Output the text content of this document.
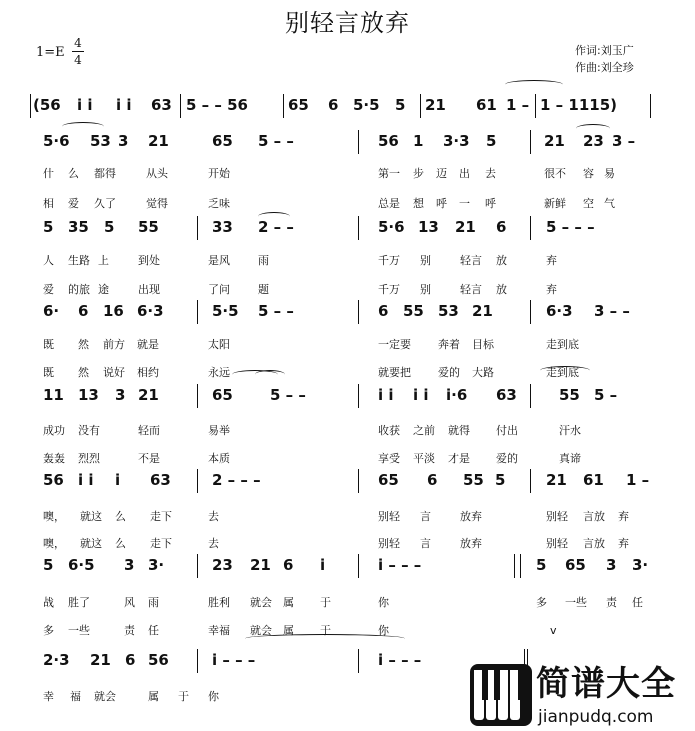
别轻言放弃
1=E
4
4
作词:刘玉广
作曲:刘全珍
(56 i i i i 63 5 – – 56	65 6 5·5 5 21 61 1 – 1 – 1115)
5·6 53 3 21	65 5 – –	56 1 3·3 5	21 23 3 –
什 么 都得	从头	开始	第一 步 迈 出 去	很不 容 易
相 爱 久了	觉得	乏味	总是 想 呼 一 呼	新鲜 空 气
5 35 5 55	33 2 – –	5·6 13 21 6	5 – – –
人 生路 上	到处	是风	雨	千万 别	轻言 放	弃
爱 的旅 途	出现	了问	题	千万 别	轻言 放	弃
6· 6 16 6·3	5·5 5 – –	6 55 53 21	6·3 3 – –
既 然 前方 就是	太阳	一定要 奔着 目标	走到底
既 然 说好 相约	永远	就要把 爱的 大路	走到底
11 13 3 21	65 5 – –	i i i i i·6 63	55 5 –
成功 没有	轻而	易举	收获 之前 就得 付出	汗水
轰轰 烈烈	不是	本质	享受 平淡 才是 爱的	真谛
56 i i i 63	2 – – –	65 6 55 5	21 61 1 –
噢， 就这 么 走下	去	别轻 言	放弃	别轻 言放 弃
噢， 就这 么 走下	去	别轻 言	放弃	别轻 言放 弃
5 6·5 3 3·	23 21 6 i	i – – –	5 65 3 3·
战 胜了	风 雨	胜利 就会 属 于	你	多 一些 责 任
多 一些	责 任	幸福 就会 属 于	你	v
2·3 21 6 56	i – – –	i – – –
幸 福 就会	属 于 你	简谱大全
jianpudq.com
